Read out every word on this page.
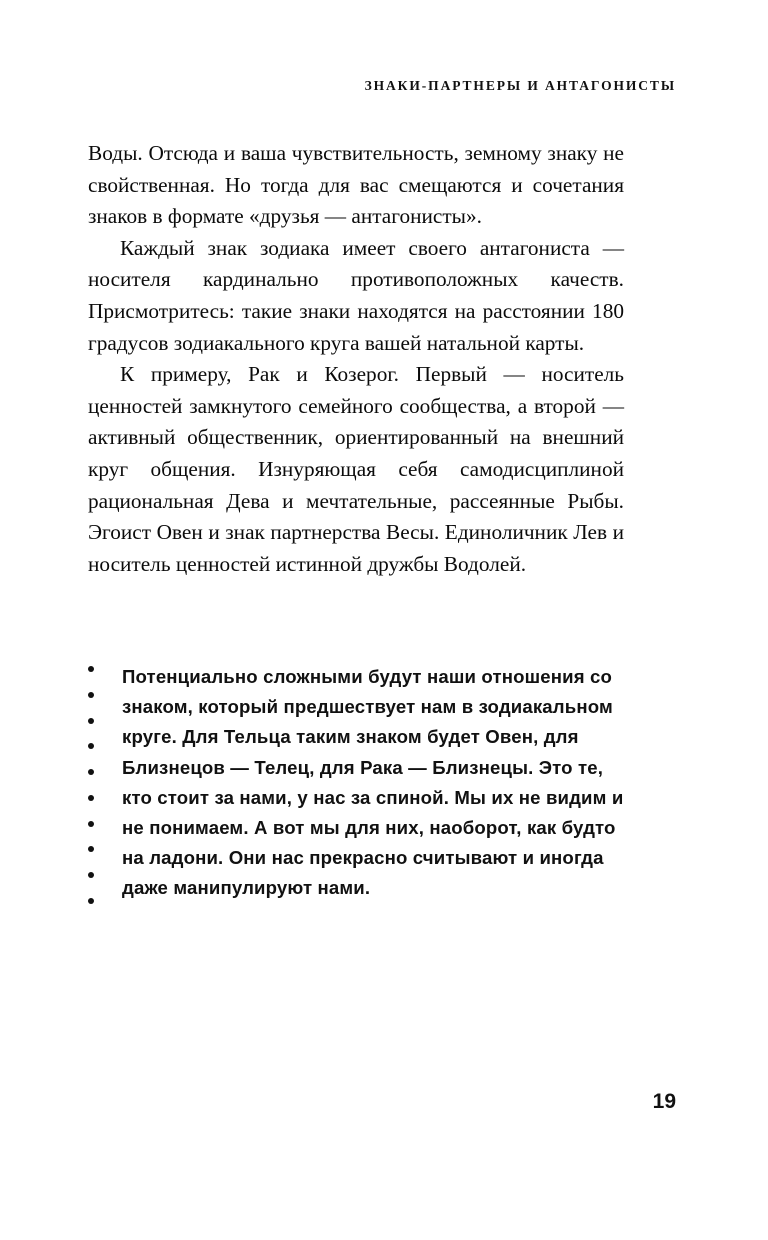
ЗНАКИ-ПАРТНЕРЫ И АНТАГОНИСТЫ

Воды. Отсюда и ваша чувствительность, земному знаку не свойственная. Но тогда для вас смещаются и сочетания знаков в формате «друзья — антагонисты».

Каждый знак зодиака имеет своего антагониста — носителя кардинально противоположных качеств. Присмотритесь: такие знаки находятся на расстоянии 180 градусов зодиакального круга вашей натальной карты.

К примеру, Рак и Козерог. Первый — носитель ценностей замкнутого семейного сообщества, а второй — активный общественник, ориентированный на внешний круг общения. Изнуряющая себя самодисциплиной рациональная Дева и мечтательные, рассеянные Рыбы. Эгоист Овен и знак партнерства Весы. Единоличник Лев и носитель ценностей истинной дружбы Водолей.

Потенциально сложными будут наши отношения со знаком, который предшествует нам в зодиакальном круге. Для Тельца таким знаком будет Овен, для Близнецов — Телец, для Рака — Близнецы. Это те, кто стоит за нами, у нас за спиной. Мы их не видим и не понимаем. А вот мы для них, наоборот, как будто на ладони. Они нас прекрасно считывают и иногда даже манипулируют нами.

19
